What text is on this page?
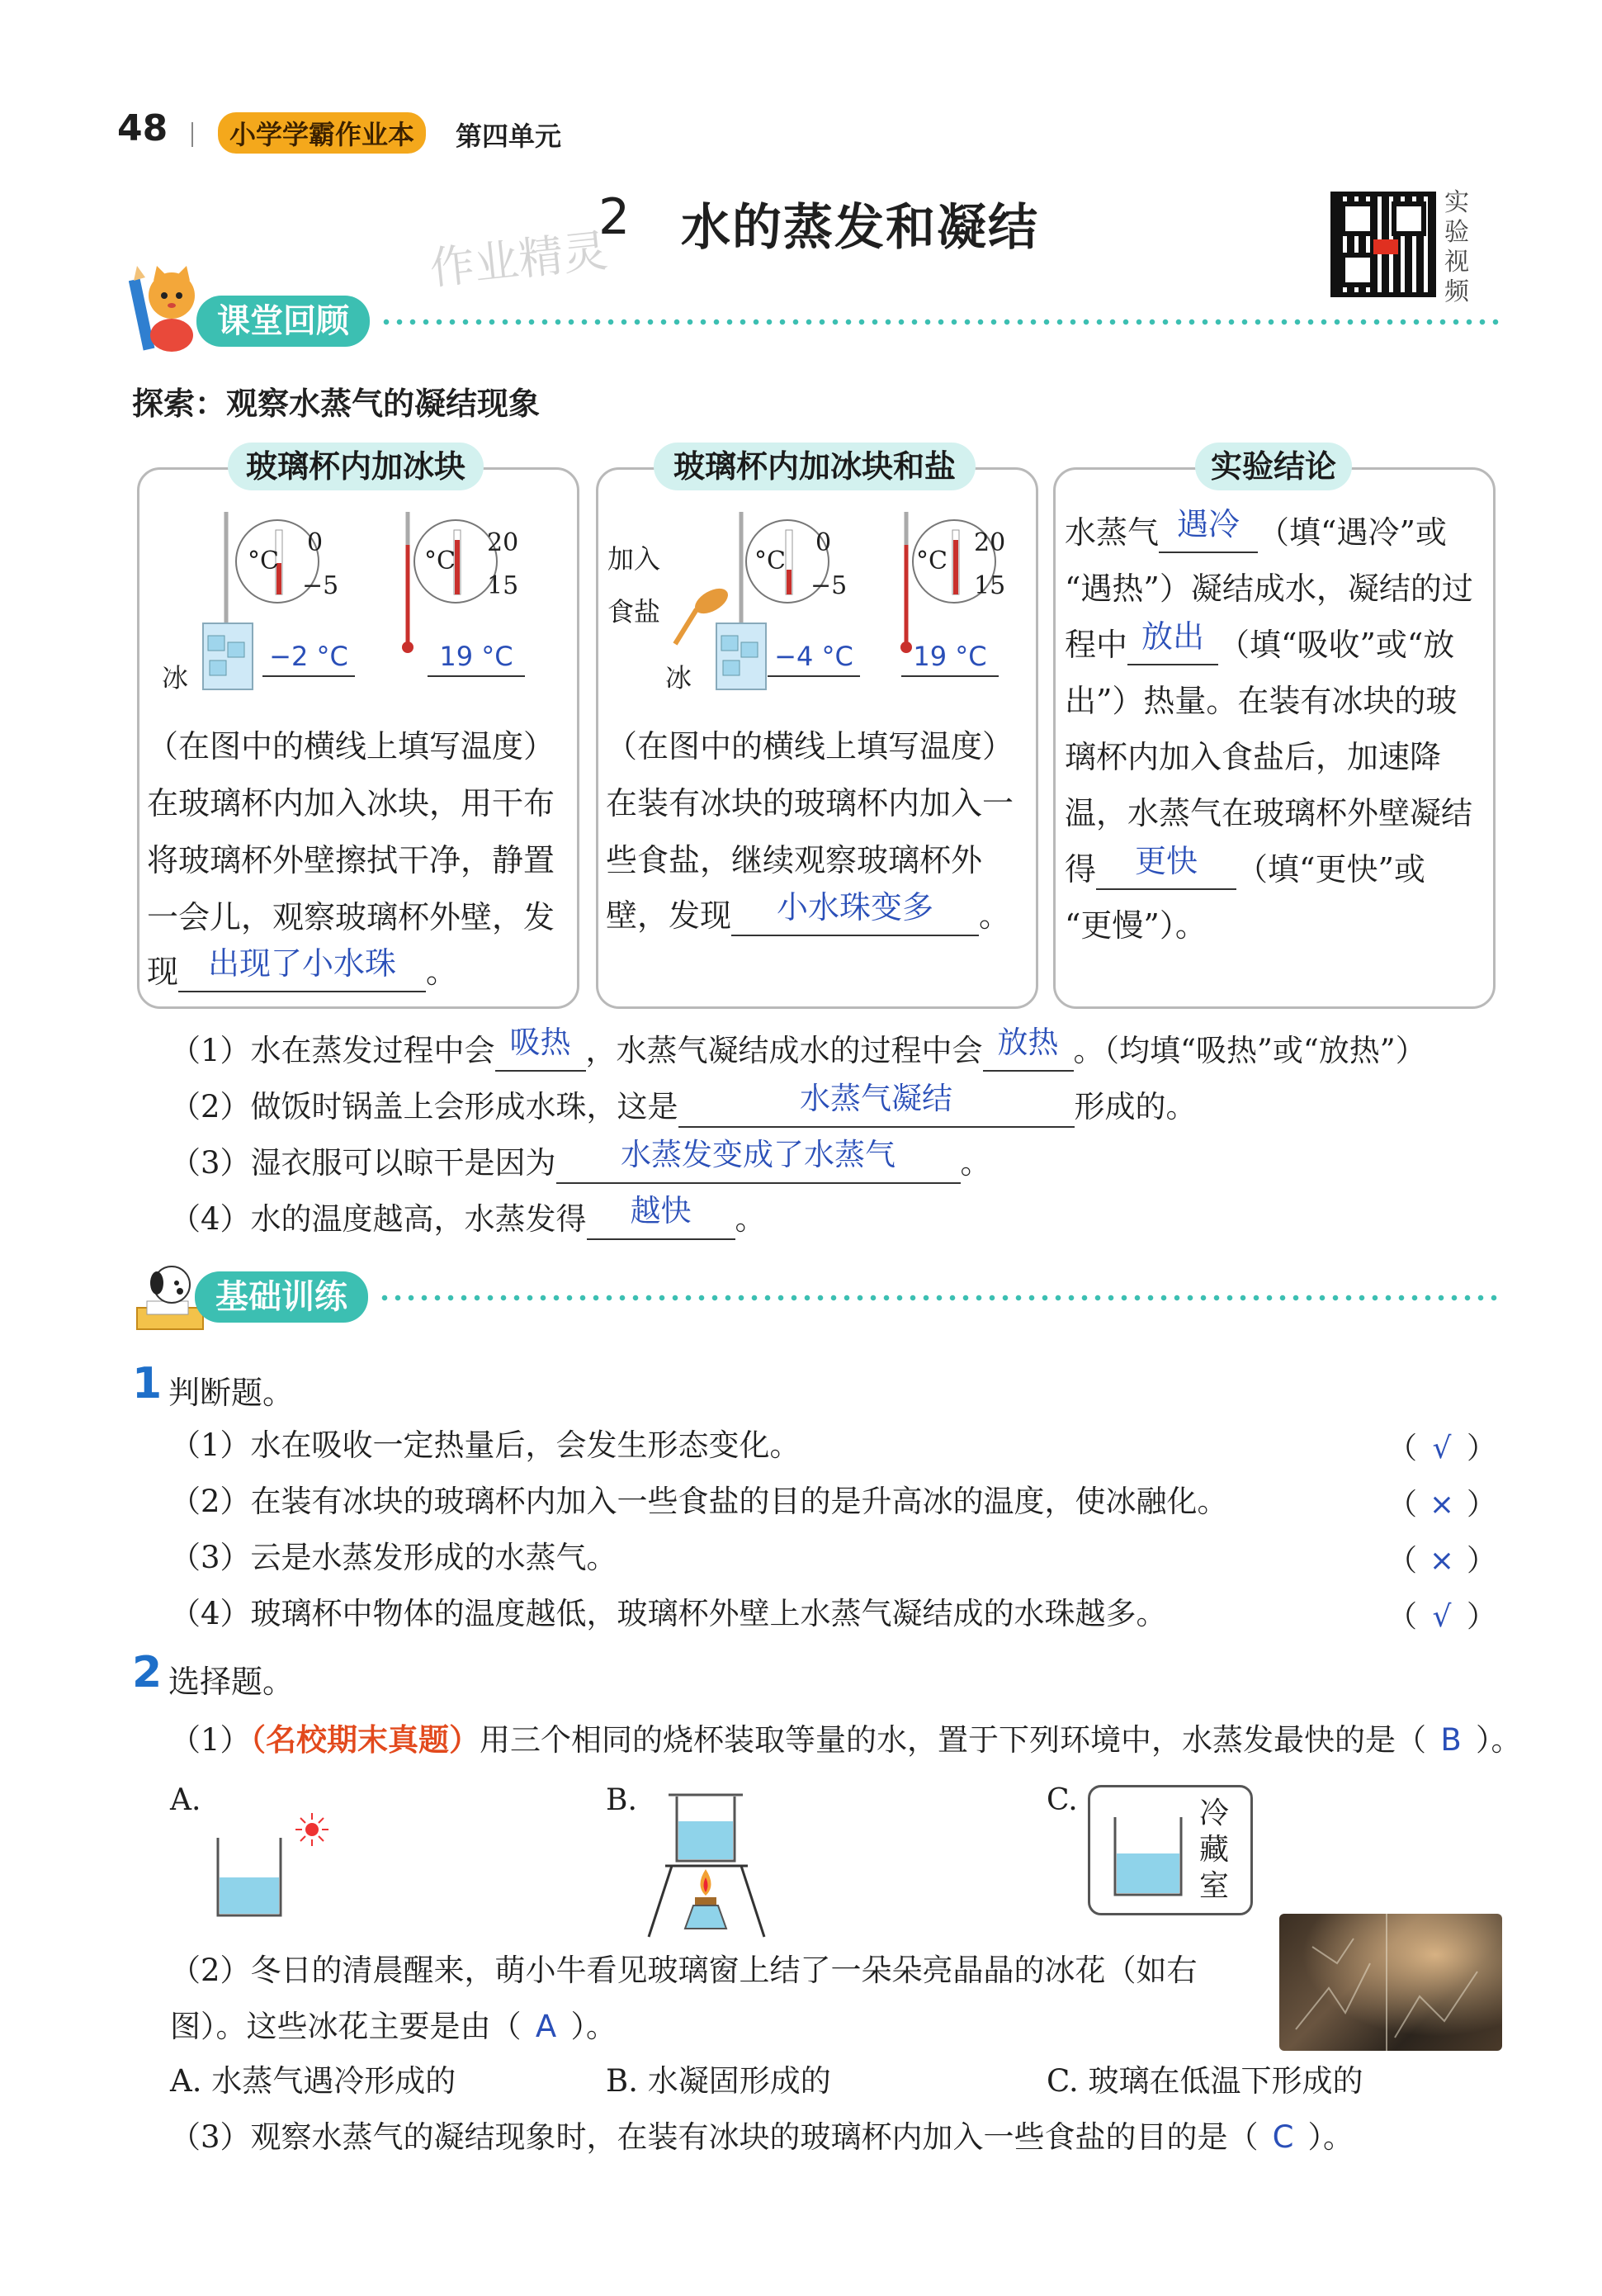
48	小学学霸作业本	第四单元
2 水的蒸发和凝结
作业精灵
实验视频
课堂回顾
探索：观察水蒸气的凝结现象
玻璃杯内加冰块
°C
0
−5
°C
20
15
冰
−2 °C	19 °C
（在图中的横线上填写温度）
在玻璃杯内加入冰块，用干布将玻璃杯外壁擦拭干净，静置一会儿，观察玻璃杯外壁，发
现 出现了小水珠 。
玻璃杯内加冰块和盐
加入
食盐
°C
0
−5
°C
20
15
冰
−4 °C	19 °C
（在图中的横线上填写温度）
在装有冰块的玻璃杯内加入一些食盐，继续观察玻璃杯外
壁，发现	小水珠变多	。
实验结论
水蒸气 遇冷 （填“遇冷”或
“遇热”）凝结成水，凝结的过
程中 放出 （填“吸收”或“放
出”）热量。在装有冰块的玻
璃杯内加入食盐后，加速降
温，水蒸气在玻璃杯外壁凝结
得	更快	（填“更快”或
“更慢”）。
（1）水在蒸发过程中会 吸热 ，水蒸气凝结成水的过程中会 放热 。（均填“吸热”或“放热”）
（2）做饭时锅盖上会形成水珠，这是	水蒸气凝结	形成的。
（3）湿衣服可以晾干是因为	水蒸发变成了水蒸气	。
（4）水的温度越高，水蒸发得	越快	。
基础训练
1 判断题。
（1）水在吸收一定热量后，会发生形态变化。	（ √ ）
（2）在装有冰块的玻璃杯内加入一些食盐的目的是升高冰的温度，使冰融化。	（ × ）
（3）云是水蒸发形成的水蒸气。	（ × ）
（4）玻璃杯中物体的温度越低，玻璃杯外壁上水蒸气凝结成的水珠越多。	（ √ ）
2 选择题。
（1）（名校期末真题）用三个相同的烧杯装取等量的水，置于下列环境中，水蒸发最快的是（ B ）。
A.	B.	C.	冷藏室
（2）冬日的清晨醒来，萌小牛看见玻璃窗上结了一朵朵亮晶晶的冰花（如右
图）。这些冰花主要是由（ A ）。
A. 水蒸气遇冷形成的	B. 水凝固形成的	C. 玻璃在低温下形成的
（3）观察水蒸气的凝结现象时，在装有冰块的玻璃杯内加入一些食盐的目的是（ C ）。
